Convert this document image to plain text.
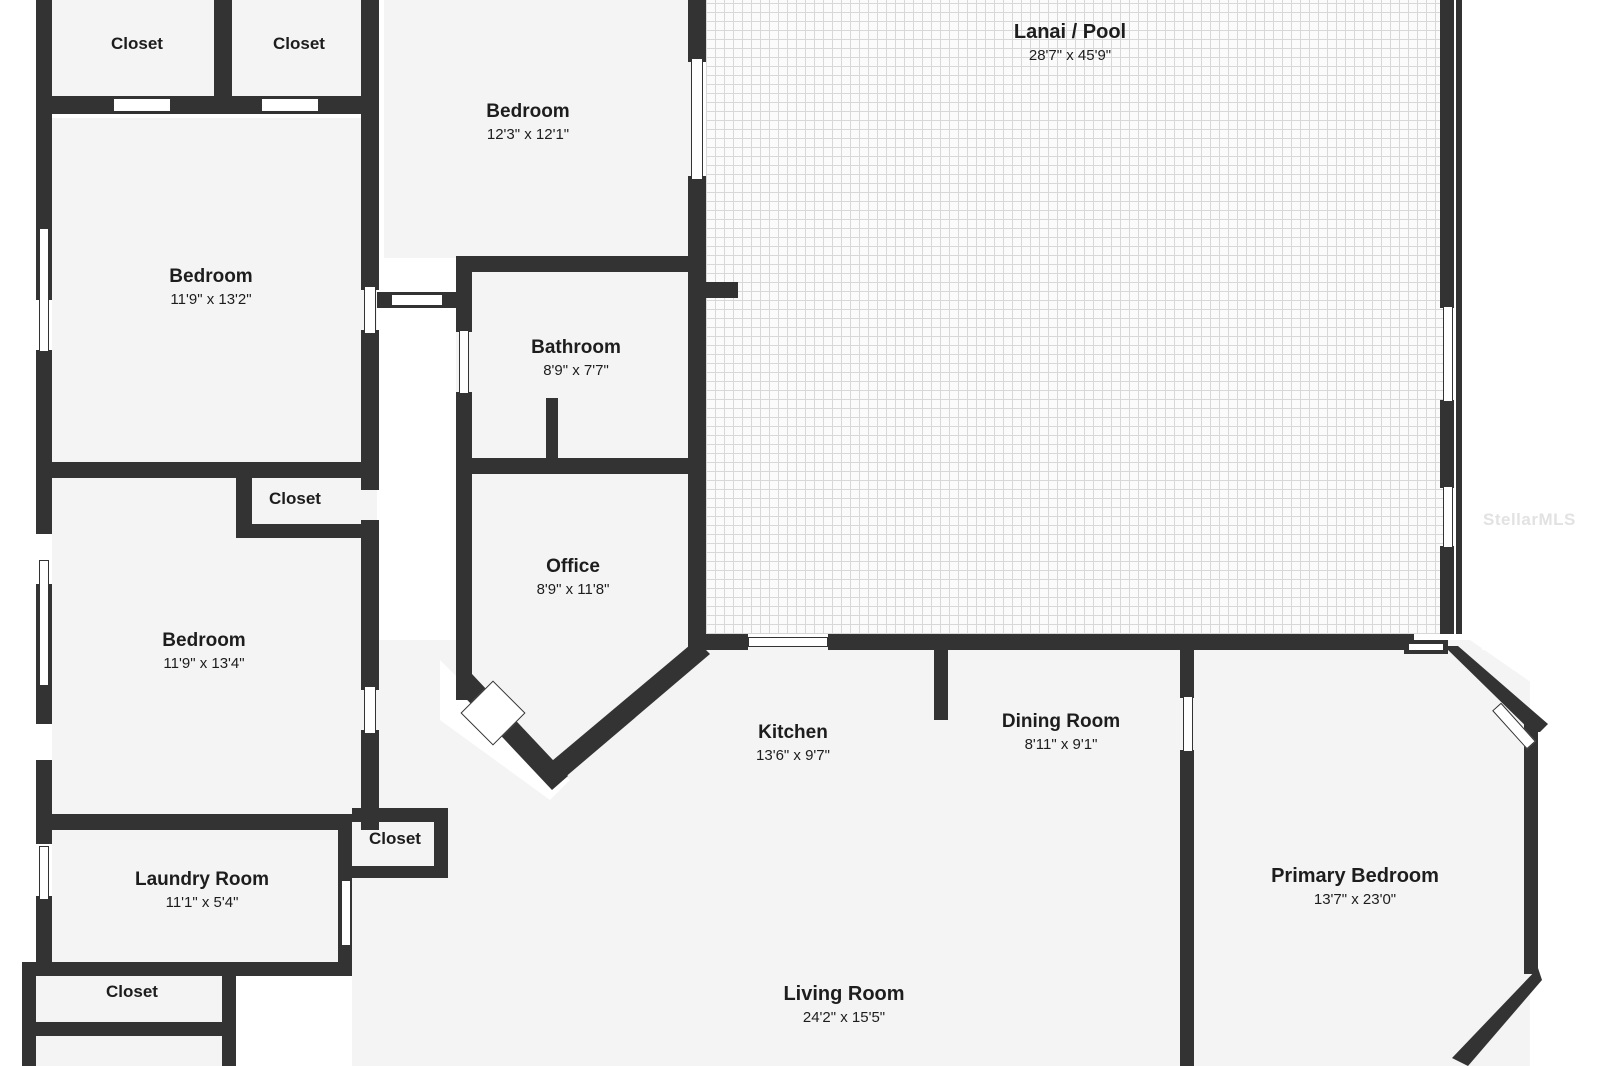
Closet	Closet
Bedroom
12'3" x 12'1"
Lanai / Pool
28'7" x 45'9"
Bedroom
11'9" x 13'2"
Bathroom
8'9" x 7'7"
Closet
Office
8'9" x 11'8"
Bedroom
11'9" x 13'4"
Kitchen
13'6" x 9'7"
Dining Room
8'11" x 9'1"
Closet
Laundry Room
11'1" x 5'4"
Primary Bedroom
13'7" x 23'0"
Closet	Living Room
24'2" x 15'5"
StellarMLS
